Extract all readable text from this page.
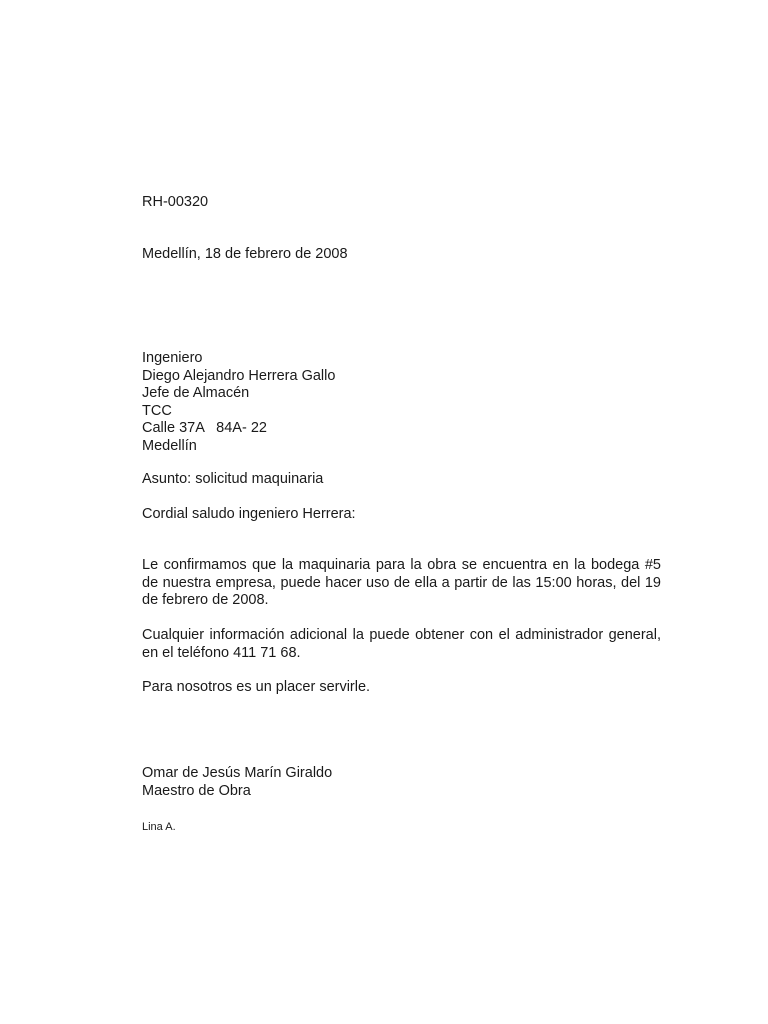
RH-00320

Medellín, 18 de febrero de 2008

Ingeniero
Diego Alejandro Herrera Gallo
Jefe de Almacén
TCC
Calle 37A   84A- 22
Medellín

Asunto: solicitud maquinaria

Cordial saludo ingeniero Herrera:

Le confirmamos que la maquinaria para la obra se encuentra en la bodega #5 de nuestra empresa, puede hacer uso de ella a partir de las 15:00 horas, del 19 de febrero de 2008.

Cualquier información adicional la puede obtener con el administrador general, en el teléfono 411 71 68.

Para nosotros es un placer servirle.

Omar de Jesús Marín Giraldo
Maestro de Obra

Lina A.
